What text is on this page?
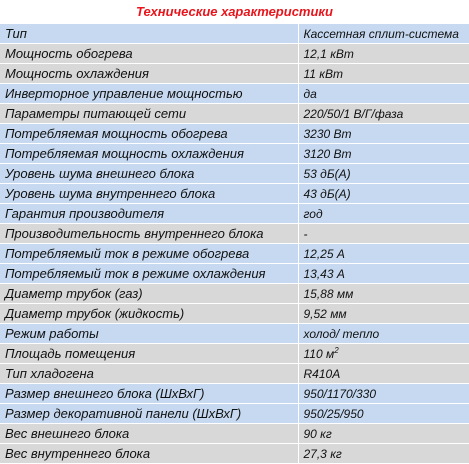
Технические характеристики
Тип	Кассетная сплит-система
Мощность обогрева	12,1 кВт
Мощность охлаждения	11 кВт
Инверторное управление мощностью	да
Параметры питающей сети	220/50/1 В/Г/фаза
Потребляемая мощность обогрева	3230 Вт
Потребляемая мощность охлаждения	3120 Вт
Уровень шума внешнего блока	53 дБ(А)
Уровень шума внутреннего блока	43 дБ(А)
Гарантия производителя	год
Производительность внутреннего блока	-
Потребляемый ток в режиме обогрева	12,25 А
Потребляемый ток в режиме охлаждения	13,43 А
Диаметр трубок (газ)	15,88 мм
Диаметр трубок (жидкость)	9,52 мм
Режим работы	холод/ тепло
Площадь помещения	110 $м^2$
Тип хладогена	R410A
Размер внешнего блока (ШхВхГ)	950/1170/330
Размер декоративной панели (ШхВхГ)	950/25/950
Вес внешнего блока	90 кг
Вес внутреннего блока	27,3 кг
